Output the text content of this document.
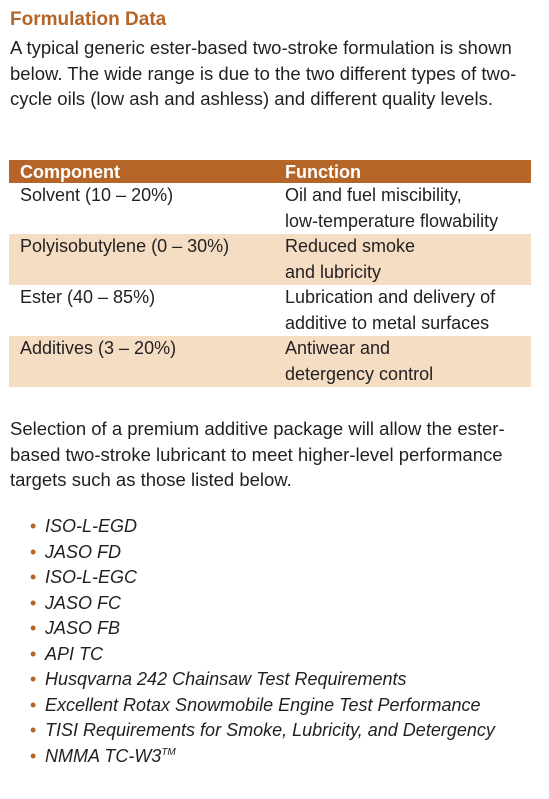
Formulation Data
A typical generic ester-based two-stroke formulation is shown below. The wide range is due to the two different types of two-cycle oils (low ash and ashless) and different quality levels.
Component	Function
Solvent (10 – 20%)	Oil and fuel miscibility,
low-temperature flowability
Polyisobutylene (0 – 30%)	Reduced smoke
and lubricity
Ester (40 – 85%)	Lubrication and delivery of
additive to metal surfaces
Additives (3 – 20%)	Antiwear and
detergency control
Selection of a premium additive package will allow the ester-based two-stroke lubricant to meet higher-level performance targets such as those listed below.
• ISO-L-EGD
• JASO FD
• ISO-L-EGC
• JASO FC
• JASO FB
• API TC
• Husqvarna 242 Chainsaw Test Requirements
• Excellent Rotax Snowmobile Engine Test Performance
• TISI Requirements for Smoke, Lubricity, and Detergency
• NMMA TC-W3™
